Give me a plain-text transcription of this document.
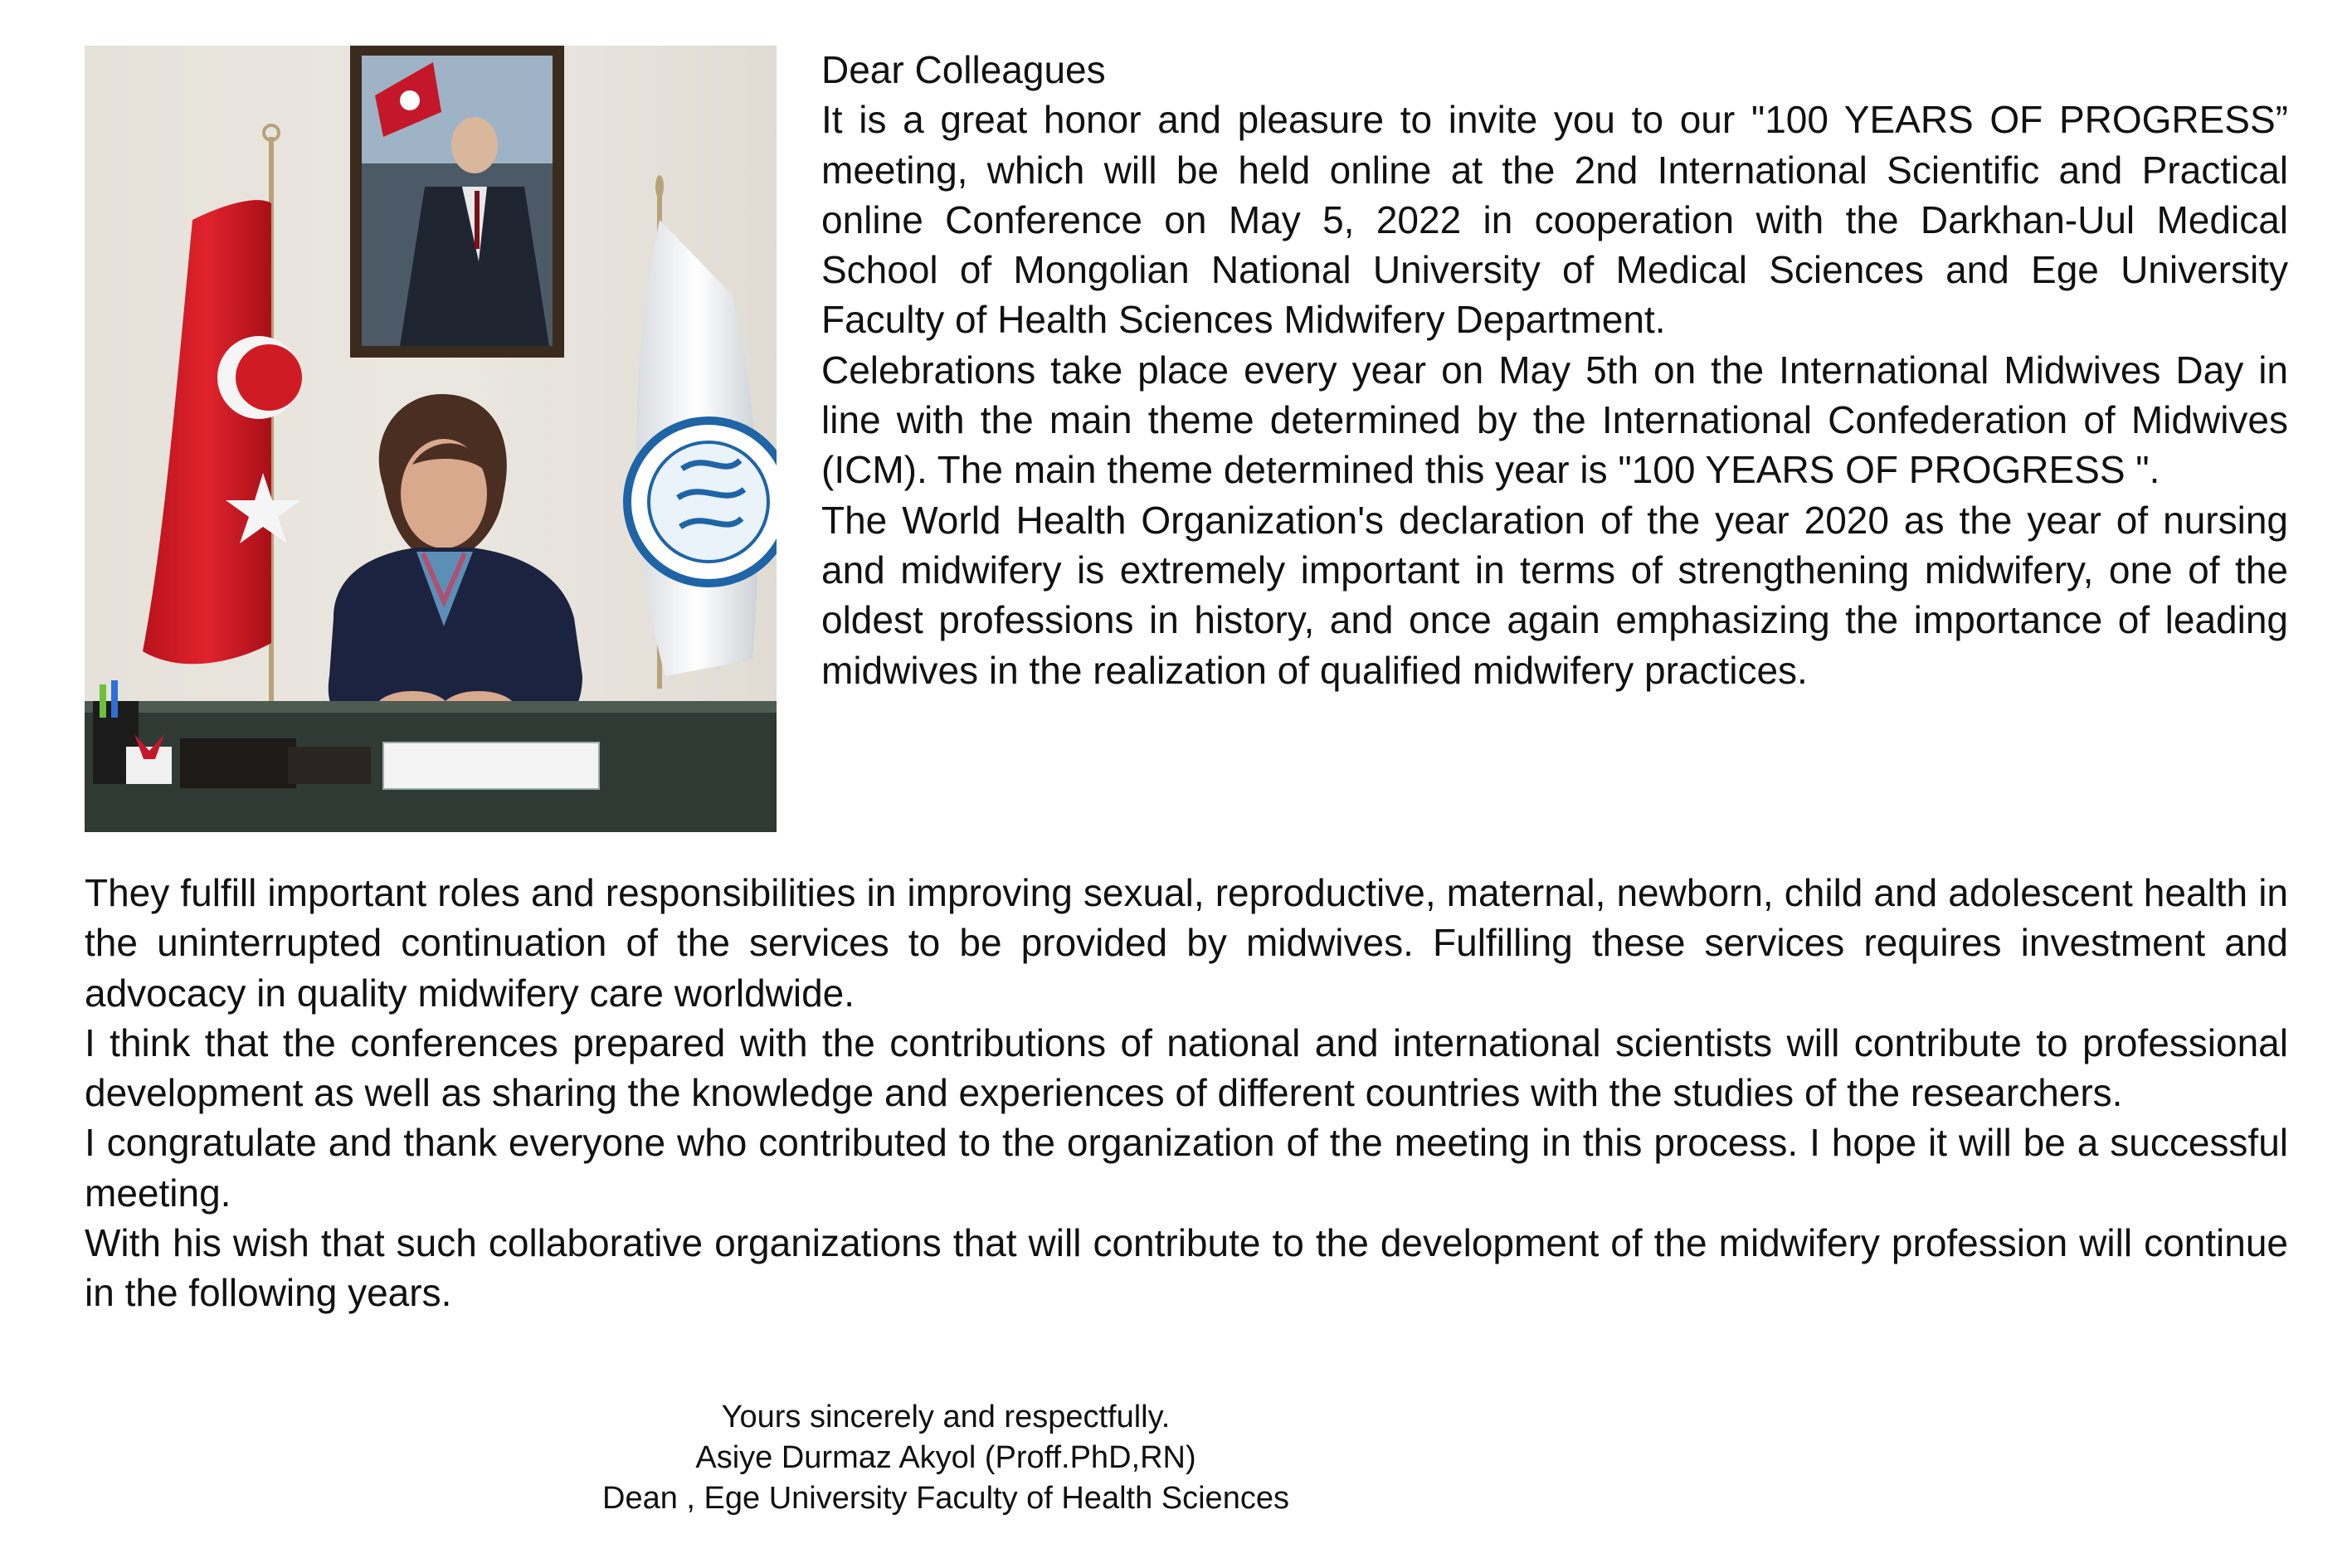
Dear Colleagues

It is a great honor and pleasure to invite you to our "100 YEARS OF PROGRESS” meeting, which will be held online at the 2nd International Scientific and Practical online Conference on May 5, 2022 in cooperation with the Darkhan-Uul Medical School of Mongolian National University of Medical Sciences and Ege University Faculty of Health Sciences Midwifery Department.

Celebrations take place every year on May 5th on the International Midwives Day in line with the main theme determined by the International Confederation of Midwives (ICM). The main theme determined this year is "100 YEARS OF PROGRESS ".

The World Health Organization's declaration of the year 2020 as the year of nursing and midwifery is extremely important in terms of strengthening midwifery, one of the oldest professions in history, and once again emphasizing the importance of leading midwives in the realization of qualified midwifery practices.

They fulfill important roles and responsibilities in improving sexual, reproductive, maternal, newborn, child and adolescent health in the uninterrupted continuation of the services to be provided by midwives. Fulfilling these services requires investment and advocacy in quality midwifery care worldwide.

I think that the conferences prepared with the contributions of national and international scientists will contribute to professional development as well as sharing the knowledge and experiences of different countries with the studies of the researchers.

I congratulate and thank everyone who contributed to the organization of the meeting in this process. I hope it will be a successful meeting.

With his wish that such collaborative organizations that will contribute to the development of the midwifery profession will continue in the following years.

Yours sincerely and respectfully.
Asiye Durmaz Akyol (Proff.PhD,RN)
Dean , Ege University Faculty of Health Sciences
